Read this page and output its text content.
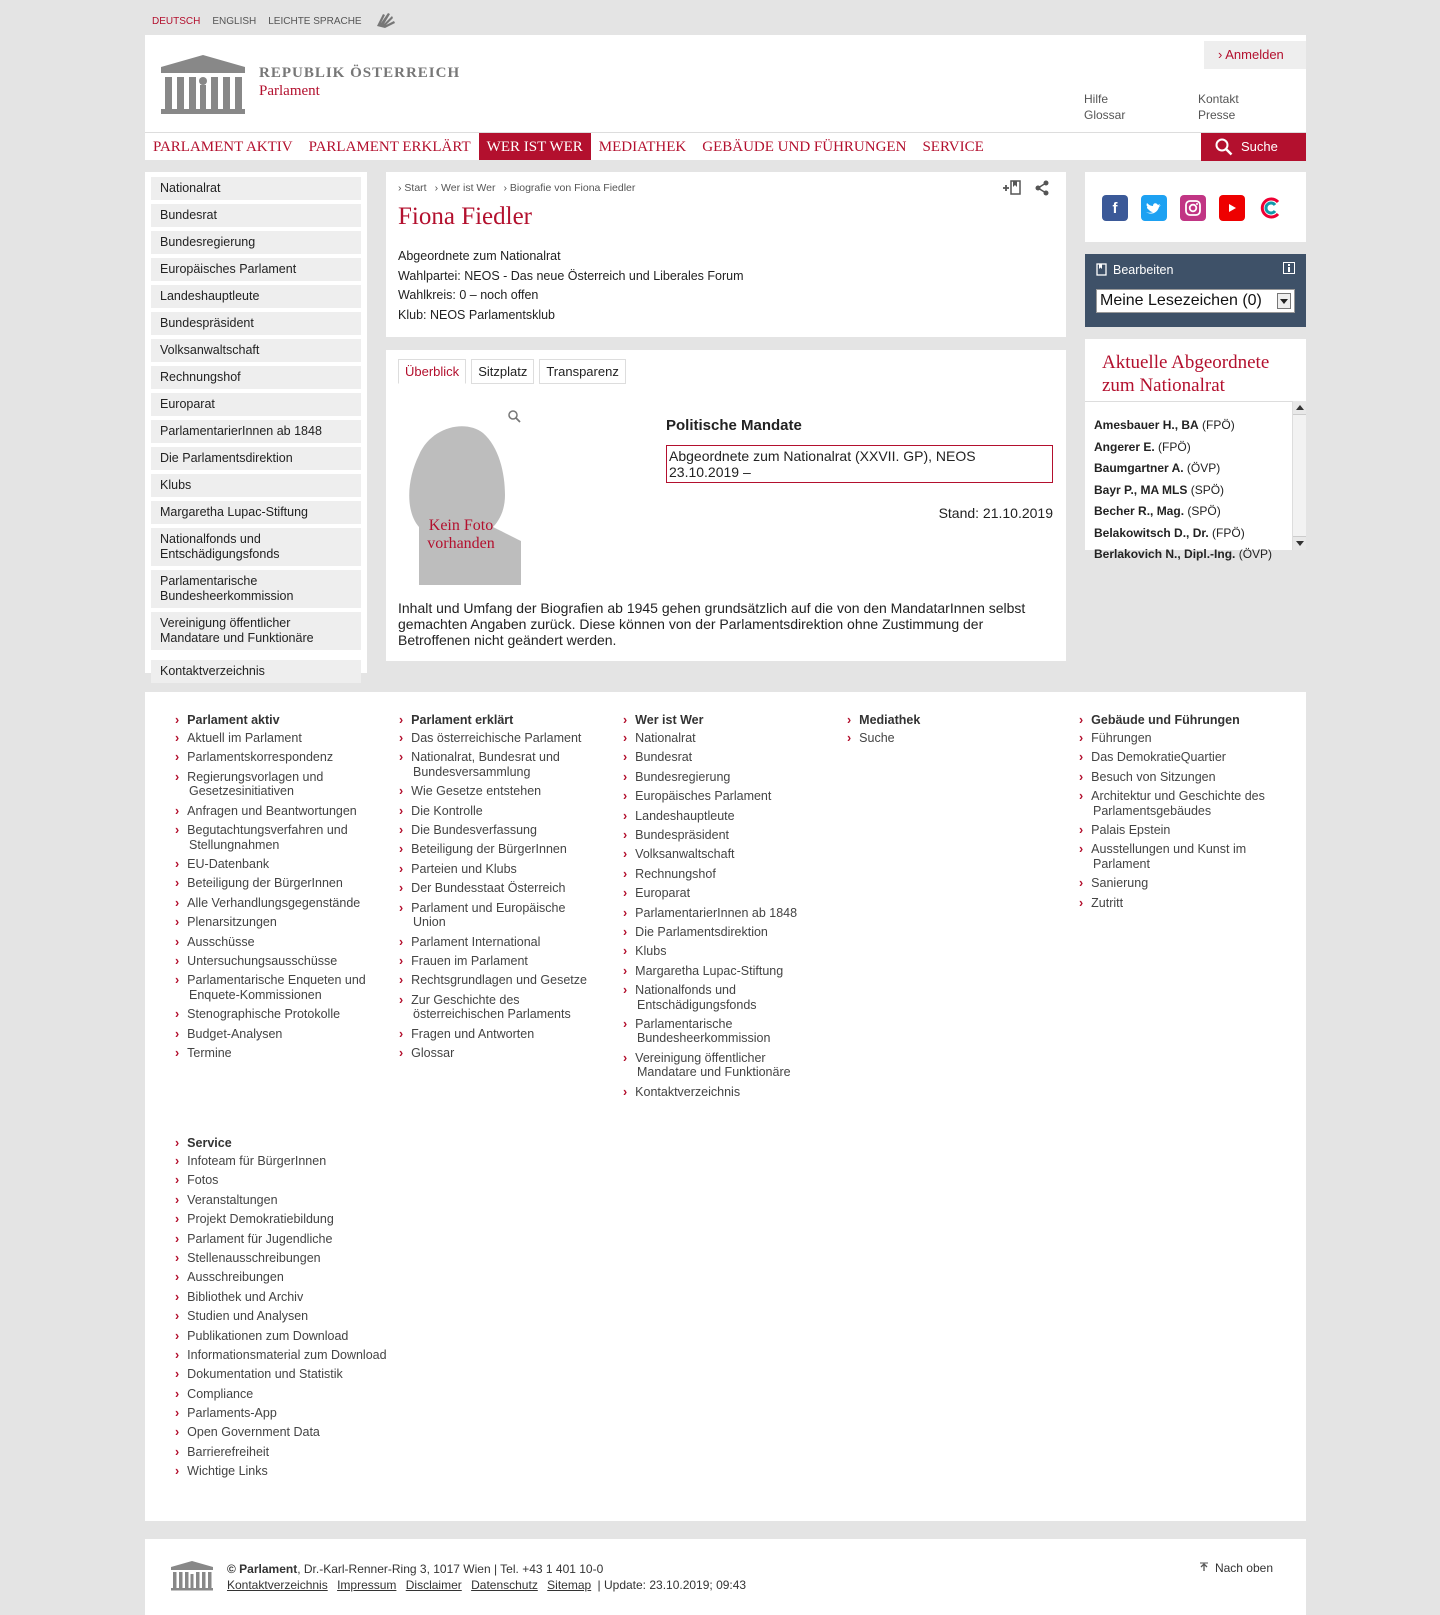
DEUTSCH ENGLISH LEICHTE SPRACHE
REPUBLIK ÖSTERREICH
Parlament
› Anmelden
Hilfe	Kontakt
Glossar	Presse
PARLAMENT AKTIV	PARLAMENT ERKLÄRT	WER IST WER	MEDIATHEK	GEBÄUDE UND FÜHRUNGEN	SERVICE	Suche
Nationalrat
Bundesrat
Bundesregierung
Europäisches Parlament
Landeshauptleute
Bundespräsident
Volksanwaltschaft
Rechnungshof
Europarat
ParlamentarierInnen ab 1848
Die Parlamentsdirektion
Klubs
Margaretha Lupac-Stiftung
Nationalfonds und Entschädigungsfonds
Parlamentarische Bundesheerkommission
Vereinigung öffentlicher Mandatare und Funktionäre
Kontaktverzeichnis
› Start	› Wer ist Wer	› Biografie von Fiona Fiedler
Fiona Fiedler
Abgeordnete zum Nationalrat
Wahlpartei: NEOS - Das neue Österreich und Liberales Forum
Wahlkreis: 0 – noch offen
Klub: NEOS Parlamentsklub
Überblick	Sitzplatz	Transparenz
Kein Foto vorhanden
Politische Mandate
Abgeordnete zum Nationalrat (XXVII. GP), NEOS
23.10.2019 –
Stand: 21.10.2019
Inhalt und Umfang der Biografien ab 1945 gehen grundsätzlich auf die von den MandatarInnen selbst gemachten Angaben zurück. Diese können von der Parlamentsdirektion ohne Zustimmung der Betroffenen nicht geändert werden.
f
Bearbeiten
Meine Lesezeichen (0)
Aktuelle Abgeordnete zum Nationalrat
Amesbauer H., BA (FPÖ)
Angerer E. (FPÖ)
Baumgartner A. (ÖVP)
Bayr P., MA MLS (SPÖ)
Becher R., Mag. (SPÖ)
Belakowitsch D., Dr. (FPÖ)
Berlakovich N., Dipl.-Ing. (ÖVP)
› Parlament aktiv
› Aktuell im Parlament
› Parlamentskorrespondenz
› Regierungsvorlagen und Gesetzesinitiativen
› Anfragen und Beantwortungen
› Begutachtungsverfahren und Stellungnahmen
› EU-Datenbank
› Beteiligung der BürgerInnen
› Alle Verhandlungsgegenstände
› Plenarsitzungen
› Ausschüsse
› Untersuchungsausschüsse
› Parlamentarische Enqueten und Enquete-Kommissionen
› Stenographische Protokolle
› Budget-Analysen
› Termine
› Parlament erklärt
› Das österreichische Parlament
› Nationalrat, Bundesrat und Bundesversammlung
› Wie Gesetze entstehen
› Die Kontrolle
› Die Bundesverfassung
› Beteiligung der BürgerInnen
› Parteien und Klubs
› Der Bundesstaat Österreich
› Parlament und Europäische Union
› Parlament International
› Frauen im Parlament
› Rechtsgrundlagen und Gesetze
› Zur Geschichte des österreichischen Parlaments
› Fragen und Antworten
› Glossar
› Wer ist Wer
› Nationalrat
› Bundesrat
› Bundesregierung
› Europäisches Parlament
› Landeshauptleute
› Bundespräsident
› Volksanwaltschaft
› Rechnungshof
› Europarat
› ParlamentarierInnen ab 1848
› Die Parlamentsdirektion
› Klubs
› Margaretha Lupac-Stiftung
› Nationalfonds und Entschädigungsfonds
› Parlamentarische Bundesheerkommission
› Vereinigung öffentlicher Mandatare und Funktionäre
› Kontaktverzeichnis
› Mediathek
› Suche
› Gebäude und Führungen
› Führungen
› Das DemokratieQuartier
› Besuch von Sitzungen
› Architektur und Geschichte des Parlamentsgebäudes
› Palais Epstein
› Ausstellungen und Kunst im Parlament
› Sanierung
› Zutritt
› Service
› Infoteam für BürgerInnen
› Fotos
› Veranstaltungen
› Projekt Demokratiebildung
› Parlament für Jugendliche
› Stellenausschreibungen
› Ausschreibungen
› Bibliothek und Archiv
› Studien und Analysen
› Publikationen zum Download
› Informationsmaterial zum Download
› Dokumentation und Statistik
› Compliance
› Parlaments-App
› Open Government Data
› Barrierefreiheit
› Wichtige Links
© Parlament, Dr.-Karl-Renner-Ring 3, 1017 Wien | Tel. +43 1 401 10-0
Kontaktverzeichnis Impressum Disclaimer Datenschutz Sitemap | Update: 23.10.2019; 09:43
Nach oben
